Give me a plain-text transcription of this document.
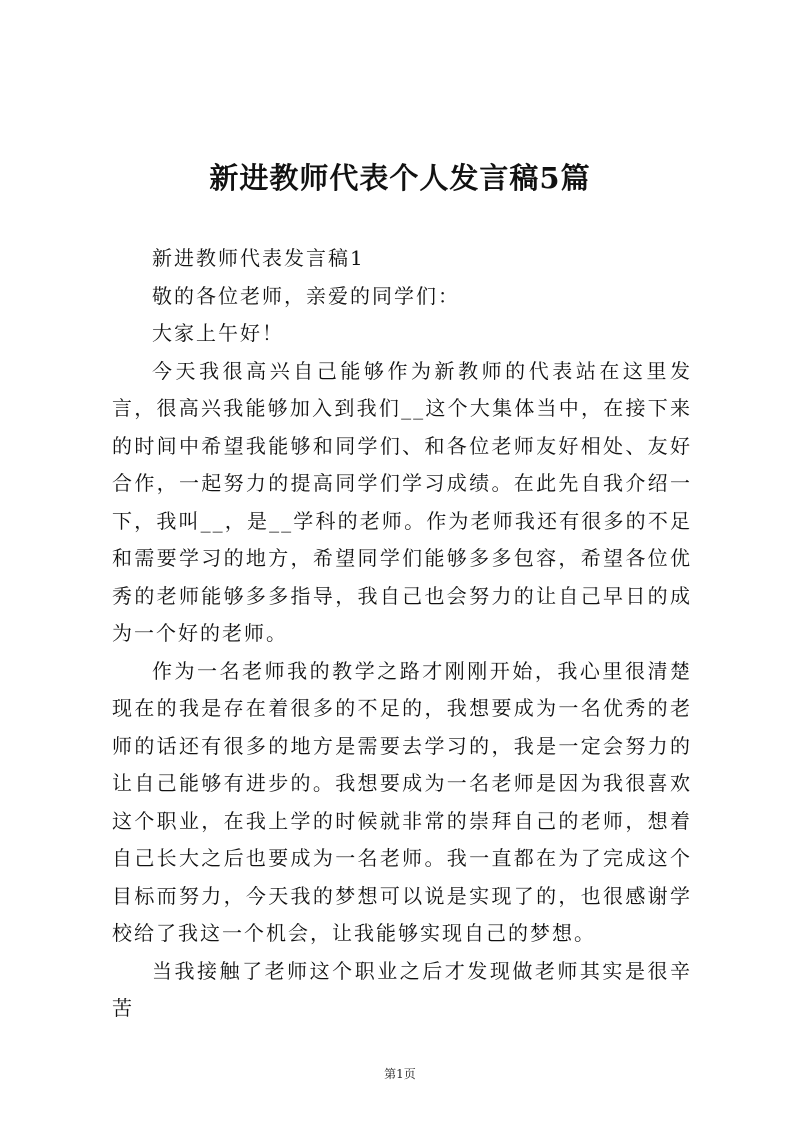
新进教师代表个人发言稿5篇

新进教师代表发言稿1

敬的各位老师，亲爱的同学们：

大家上午好！

今天我很高兴自己能够作为新教师的代表站在这里发言，很高兴我能够加入到我们__这个大集体当中，在接下来的时间中希望我能够和同学们、和各位老师友好相处、友好合作，一起努力的提高同学们学习成绩。在此先自我介绍一下，我叫__，是__学科的老师。作为老师我还有很多的不足和需要学习的地方，希望同学们能够多多包容，希望各位优秀的老师能够多多指导，我自己也会努力的让自己早日的成为一个好的老师。

作为一名老师我的教学之路才刚刚开始，我心里很清楚现在的我是存在着很多的不足的，我想要成为一名优秀的老师的话还有很多的地方是需要去学习的，我是一定会努力的让自己能够有进步的。我想要成为一名老师是因为我很喜欢这个职业，在我上学的时候就非常的崇拜自己的老师，想着自己长大之后也要成为一名老师。我一直都在为了完成这个目标而努力，今天我的梦想可以说是实现了的，也很感谢学校给了我这一个机会，让我能够实现自己的梦想。

当我接触了老师这个职业之后才发现做老师其实是很辛苦

第1页
